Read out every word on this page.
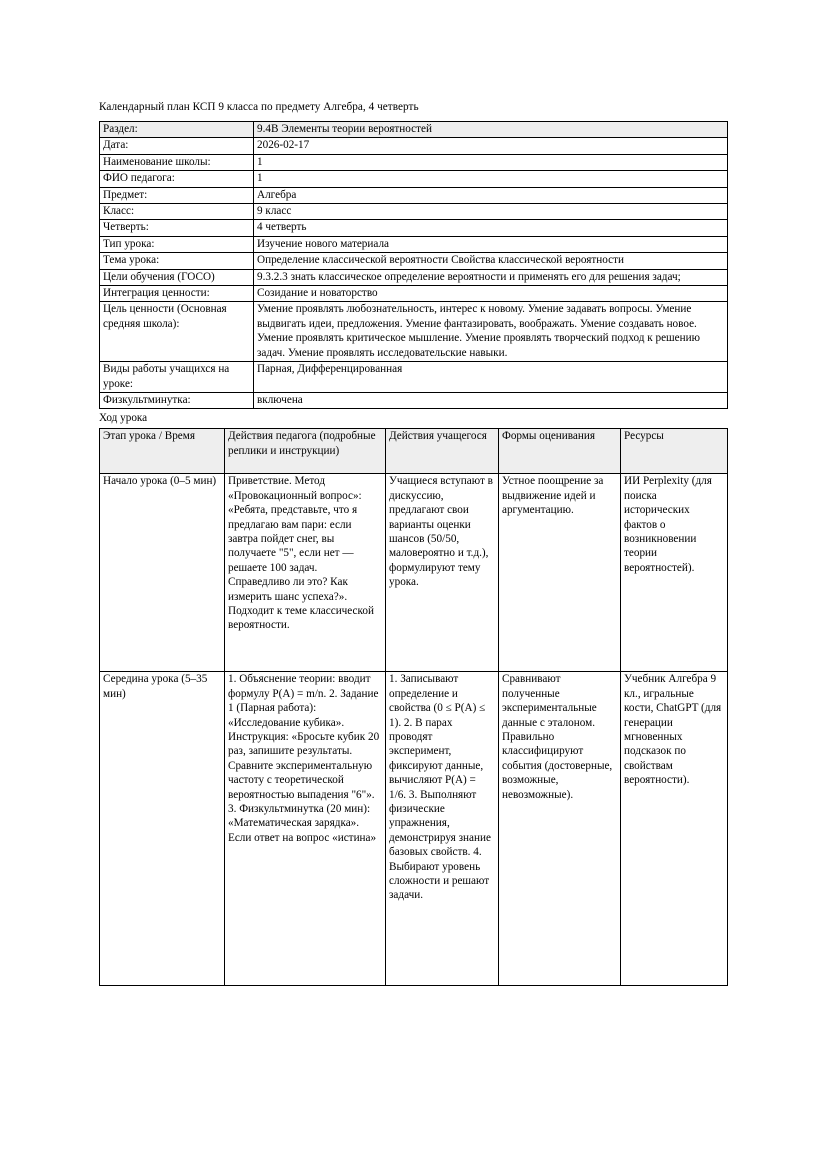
Календарный план КСП 9 класса по предмету Алгебра, 4 четверть
Раздел:	9.4В Элементы теории вероятностей
Дата:	2026-02-17
Наименование школы:	1
ФИО педагога:	1
Предмет:	Алгебра
Класс:	9 класс
Четверть:	4 четверть
Тип урока:	Изучение нового материала
Тема урока:	Определение классической вероятности Свойства классической вероятности
Цели обучения (ГОСО)	9.3.2.3 знать классическое определение вероятности и применять его для решения задач;
Интеграция ценности:	Созидание и новаторство
Цель ценности (Основная средняя школа):	Умение проявлять любознательность, интерес к новому. Умение задавать вопросы. Умение выдвигать идеи, предложения. Умение фантазировать, воображать. Умение создавать новое. Умение проявлять критическое мышление. Умение проявлять творческий подход к решению задач. Умение проявлять исследовательские навыки.
Виды работы учащихся на уроке:	Парная, Дифференцированная
Физкультминутка:	включена
Ход урока
Этап урока / Время	Действия педагога (подробные реплики и инструкции)	Действия учащегося	Формы оценивания	Ресурсы
Начало урока (0–5 мин)	Приветствие. Метод «Провокационный вопрос»: «Ребята, представьте, что я предлагаю вам пари: если завтра пойдет снег, вы получаете "5", если нет — решаете 100 задач. Справедливо ли это? Как измерить шанс успеха?». Подходит к теме классической вероятности.	Учащиеся вступают в дискуссию, предлагают свои варианты оценки шансов (50/50, маловероятно и т.д.), формулируют тему урока.	Устное поощрение за выдвижение идей и аргументацию.	ИИ Perplexity (для поиска исторических фактов о возникновении теории вероятностей).
Середина урока (5–35 мин)	1. Объяснение теории: вводит формулу P(A) = m/n. 2. Задание 1 (Парная работа): «Исследование кубика». Инструкция: «Бросьте кубик 20 раз, запишите результаты. Сравните экспериментальную частоту с теоретической вероятностью выпадения "6"». 3. Физкультминутка (20 мин): «Математическая зарядка». Если ответ на вопрос «истина»	1. Записывают определение и свойства (0 ≤ P(A) ≤ 1). 2. В парах проводят эксперимент, фиксируют данные, вычисляют P(A) = 1/6. 3. Выполняют физические упражнения, демонстрируя знание базовых свойств. 4. Выбирают уровень сложности и решают задачи.	Сравнивают полученные экспериментальные данные с эталоном. Правильно классифицируют события (достоверные, возможные, невозможные).	Учебник Алгебра 9 кл., игральные кости, ChatGPT (для генерации мгновенных подсказок по свойствам вероятности).
